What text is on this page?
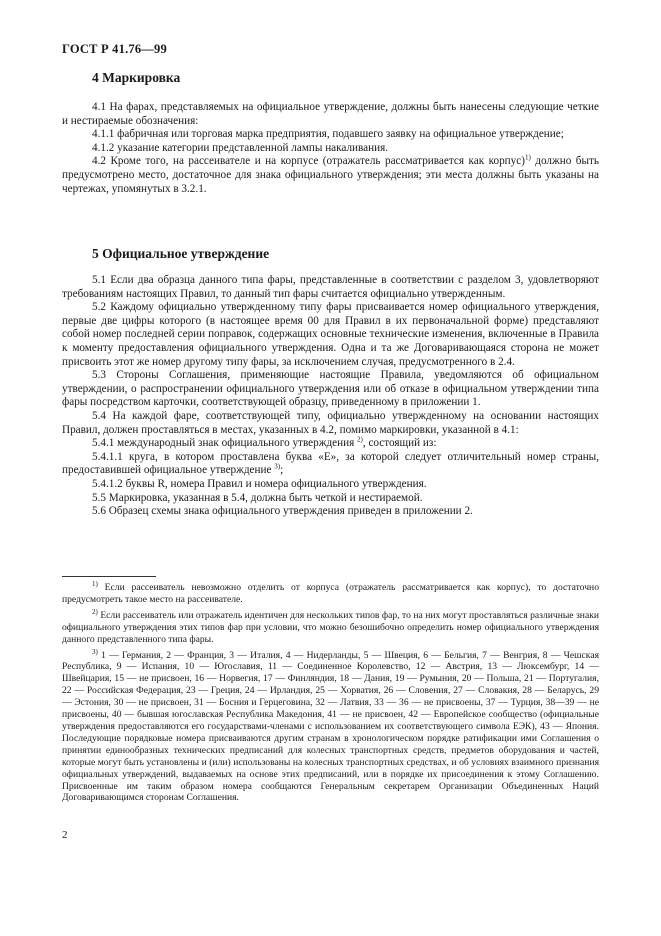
ГОСТ Р 41.76—99
4 Маркировка

4.1 На фарах, представляемых на официальное утверждение, должны быть нанесены следующие четкие и нестираемые обозначения:

4.1.1 фабричная или торговая марка предприятия, подавшего заявку на официальное утверждение;

4.1.2 указание категории представленной лампы накаливания.

4.2 Кроме того, на рассеивателе и на корпусе (отражатель рассматривается как корпус)$^{1)}$ должно быть предусмотрено место, достаточное для знака официального утверждения; эти места должны быть указаны на чертежах, упомянутых в 3.2.1.

5 Официальное утверждение

5.1 Если два образца данного типа фары, представленные в соответствии с разделом 3, удовлетворяют требованиям настоящих Правил, то данный тип фары считается официально утвержденным.

5.2 Каждому официально утвержденному типу фары присваивается номер официального утверждения, первые две цифры которого (в настоящее время 00 для Правил в их первоначальной форме) представляют собой номер последней серии поправок, содержащих основные технические изменения, включенные в Правила к моменту предоставления официального утверждения. Одна и та же Договаривающаяся сторона не может присвоить этот же номер другому типу фары, за исключением случая, предусмотренного в 2.4.

5.3 Стороны Соглашения, применяющие настоящие Правила, уведомляются об официальном утверждении, о распространении официального утверждения или об отказе в официальном утверждении типа фары посредством карточки, соответствующей образцу, приведенному в приложении 1.

5.4 На каждой фаре, соответствующей типу, официально утвержденному на основании настоящих Правил, должен проставляться в местах, указанных в 4.2, помимо маркировки, указанной в 4.1:

5.4.1 международный знак официального утверждения $^{2)}$, состоящий из:

5.4.1.1 круга, в котором проставлена буква «Е», за которой следует отличительный номер страны, предоставившей официальное утверждение $^{3)}$;

5.4.1.2 буквы R, номера Правил и номера официального утверждения.

5.5 Маркировка, указанная в 5.4, должна быть четкой и нестираемой.

5.6 Образец схемы знака официального утверждения приведен в приложении 2.

$^{1)}$ Если рассеиватель невозможно отделить от корпуса (отражатель рассматривается как корпус), то достаточно предусмотреть такое место на рассеивателе.

$^{2)}$ Если рассеиватель или отражатель идентичен для нескольких типов фар, то на них могут проставляться различные знаки официального утверждения этих типов фар при условии, что можно безошибочно определить номер официального утверждения данного представленного типа фары.

$^{3)}$ 1 — Германия, 2 — Франция, 3 — Италия, 4 — Нидерланды, 5 — Швеция, 6 — Бельгия, 7 — Венгрия, 8 — Чешская Республика, 9 — Испания, 10 — Югославия, 11 — Соединенное Королевство, 12 — Австрия, 13 — Люксембург, 14 — Швейцария, 15 — не присвоен, 16 — Норвегия, 17 — Финляндия, 18 — Дания, 19 — Румыния, 20 — Польша, 21 — Португалия, 22 — Российская Федерация, 23 — Греция, 24 — Ирландия, 25 — Хорватия, 26 — Словения, 27 — Словакия, 28 — Беларусь, 29 — Эстония, 30 — не присвоен, 31 — Босния и Герцеговина, 32 — Латвия, 33 — 36 — не присвоены, 37 — Турция, 38—39 — не присвоены, 40 — бывшая югославская Республика Македония, 41 — не присвоен, 42 — Европейское сообщество (официальные утверждения предоставляются его государствами-членами с использованием их соответствующего символа ЕЭК), 43 — Япония. Последующие порядковые номера присваиваются другим странам в хронологическом порядке ратификации ими Соглашения о принятии единообразных технических предписаний для колесных транспортных средств, предметов оборудования и частей, которые могут быть установлены и (или) использованы на колесных транспортных средствах, и об условиях взаимного признания официальных утверждений, выдаваемых на основе этих предписаний, или в порядке их присоединения к этому Соглашению. Присвоенные им таким образом номера сообщаются Генеральным секретарем Организации Объединенных Наций Договаривающимся сторонам Соглашения.

2
